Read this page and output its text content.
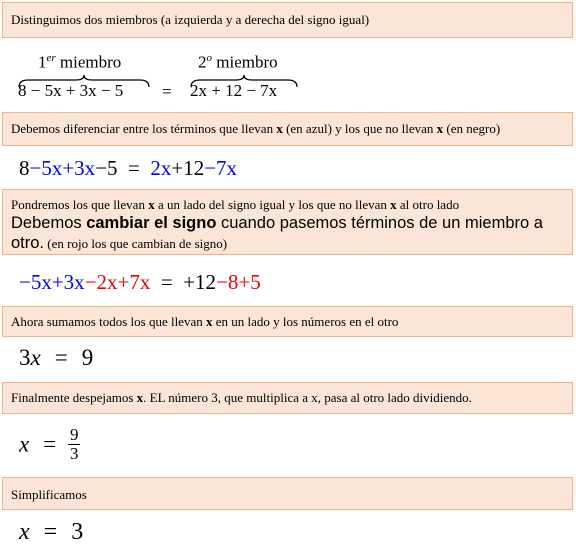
Distinguimos dos miembros (a izquierda y a derecha del signo igual)
1er miembro
8 − 5x + 3x − 5 =
$2^o$ miembro
2x + 12 − 7x
Debemos diferenciar entre los términos que llevan x (en azul) y los que no llevan x (en negro)
8−5x+3x−5 = 2x+12−7x
Pondremos los que llevan x a un lado del signo igual y los que no llevan x al otro lado
Debemos cambiar el signo cuando pasemos términos de un miembro a otro. (en rojo los que cambian de signo)
−5x+3x−2x+7x = +12−8+5
Ahora sumamos todos los que llevan x en un lado y los números en el otro
3x = 9
Finalmente despejamos x. EL número 3, que multiplica a x, pasa al otro lado dividiendo.
$x = \frac{9}{3}$
Simplificamos
x = 3
